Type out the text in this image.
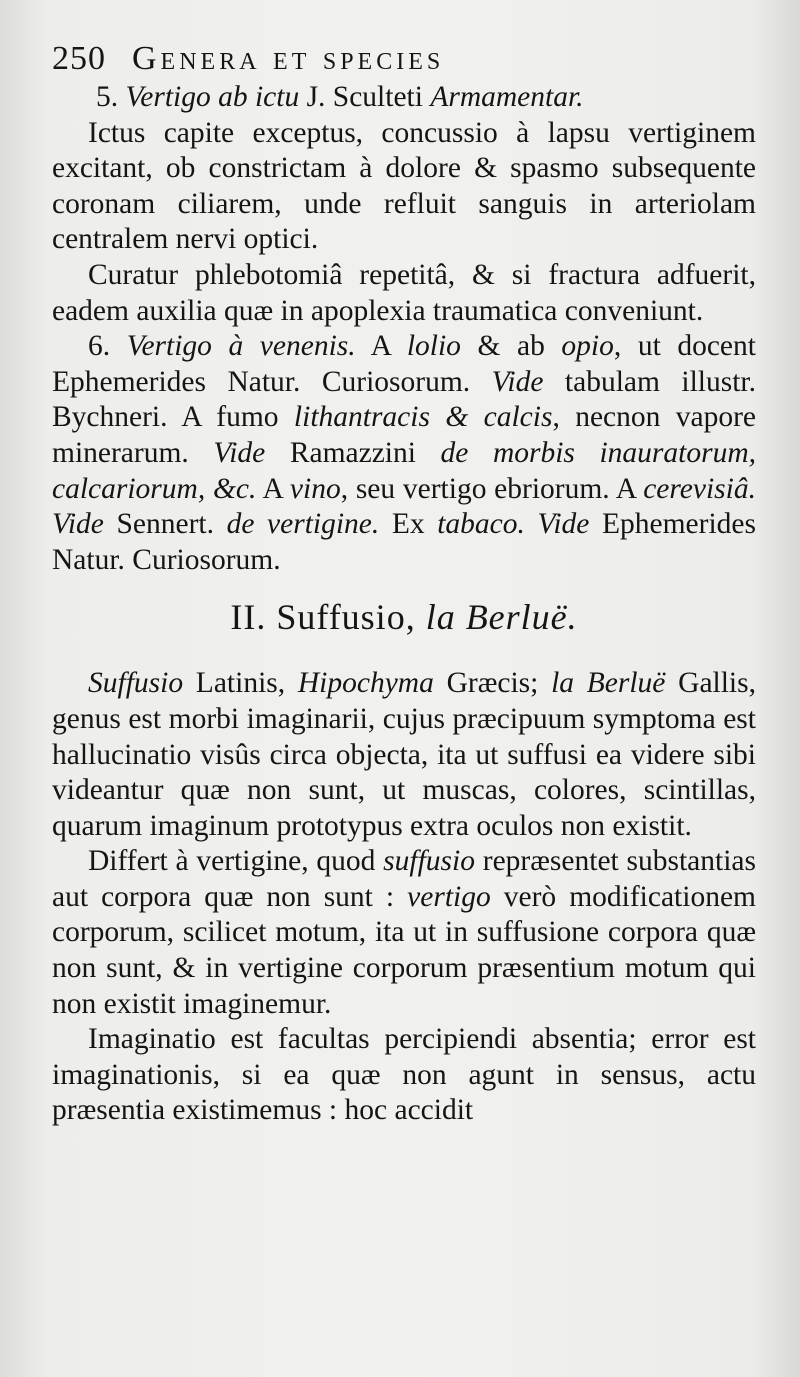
250 Genera et species

5. Vertigo ab ictu J. Sculteti Armamentar.

Ictus capite exceptus, concussio à lapsu vertiginem excitant, ob constrictam à dolore & spasmo subsequente coronam ciliarem, unde refluit sanguis in arteriolam centralem nervi optici.

Curatur phlebotomiâ repetitâ, & si fractura adfuerit, eadem auxilia quæ in apoplexia traumatica conveniunt.

6. Vertigo à venenis. A lolio & ab opio, ut docent Ephemerides Natur. Curiosorum. Vide tabulam illustr. Bychneri. A fumo lithantracis & calcis, necnon vapore minerarum. Vide Ramazzini de morbis inauratorum, calcariorum, &c. A vino, seu vertigo ebriorum. A cerevisiâ. Vide Sennert. de vertigine. Ex tabaco. Vide Ephemerides Natur. Curiosorum.

II. Suffusio, la Berluë.

Suffusio Latinis, Hipochyma Græcis; la Berluë Gallis, genus est morbi imaginarii, cujus præcipuum symptoma est hallucinatio visûs circa objecta, ita ut suffusi ea videre sibi videantur quæ non sunt, ut muscas, colores, scintillas, quarum imaginum prototypus extra oculos non existit.

Differt à vertigine, quod suffusio repræsentet substantias aut corpora quæ non sunt : vertigo verò modificationem corporum, scilicet motum, ita ut in suffusione corpora quæ non sunt, & in vertigine corporum præsentium motum qui non existit imaginemur.

Imaginatio est facultas percipiendi absentia; error est imaginationis, si ea quæ non agunt in sensus, actu præsentia existimemus : hoc accidit
